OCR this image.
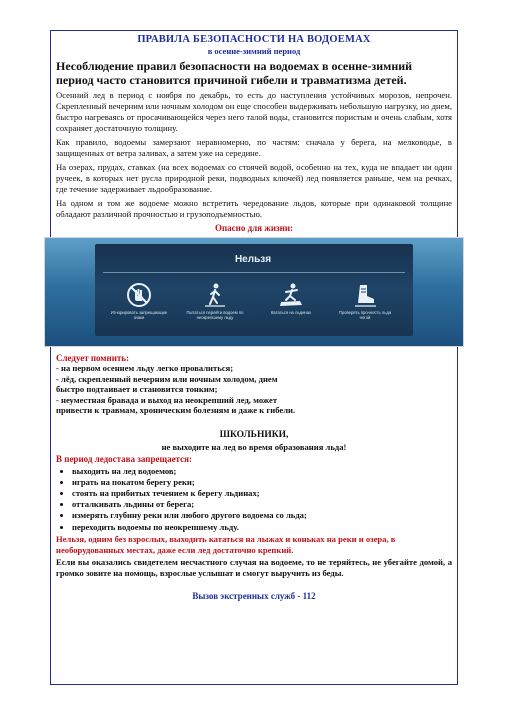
ПРАВИЛА БЕЗОПАСНОСТИ НА ВОДОЕМАХ
в осенне-зимний период
Несоблюдение правил безопасности на водоемах в осенне-зимний период часто становится причиной гибели и травматизма детей.

Осенний лед в период с ноября по декабрь, то есть до наступления устойчивых морозов, непрочен. Скрепленный вечерним или ночным холодом он еще способен выдерживать небольшую нагрузку, но днем, быстро нагреваясь от просачивающейся через него талой воды, становится пористым и очень слабым, хотя сохраняет достаточную толщину.

Как правило, водоемы замерзают неравномерно, по частям: сначала у берега, на мелководье, в защищенных от ветра заливах, а затем уже на середине.

На озерах, прудах, ставках (на всех водоемах со стоячей водой, особенно на тех, куда не впадает ни один ручеек, в которых нет русла природной реки, подводных ключей) лед появляется раньше, чем на речках, где течение задерживает льдообразование.

На одном и том же водоеме можно встретить чередование льдов, которые при одинаковой толщине обладают различной прочностью и грузоподъемностью.

Опасно для жизни:
Нельзя
Игнорировать запрещающие знаки
Пытаться перейти водоем по неокрепшему льду
Кататься на льдинах	Проверять прочность льда ногой
Следует помнить:
- на первом осеннем льду легко провалиться;
- лёд, скрепленный вечерним или ночным холодом, днем
быстро подтаивает и становится тонким;
- неуместная бравада и выход на неокрепший лед, может
привести к травмам, хроническим болезням и даже к гибели.
ШКОЛЬНИКИ,
не выходите на лед во время образования льда!
В период ледостава запрещается:
• выходить на лед водоемов;
• играть на покатом берегу реки;
• стоять на прибитых течением к берегу льдинах;
• отталкивать льдины от берега;
• измерять глубину реки или любого другого водоема со льда;
• переходить водоемы по неокрепшему льду.
Нельзя, одним без взрослых, выходить кататься на лыжах и коньках на реки и озера, в необорудованных местах, даже если лед достаточно крепкий.
Если вы оказались свидетелем несчастного случая на водоеме, то не теряйтесь, не убегайте домой, а громко зовите на помощь, взрослые услышат и смогут выручить из беды.
Вызов экстренных служб - 112
